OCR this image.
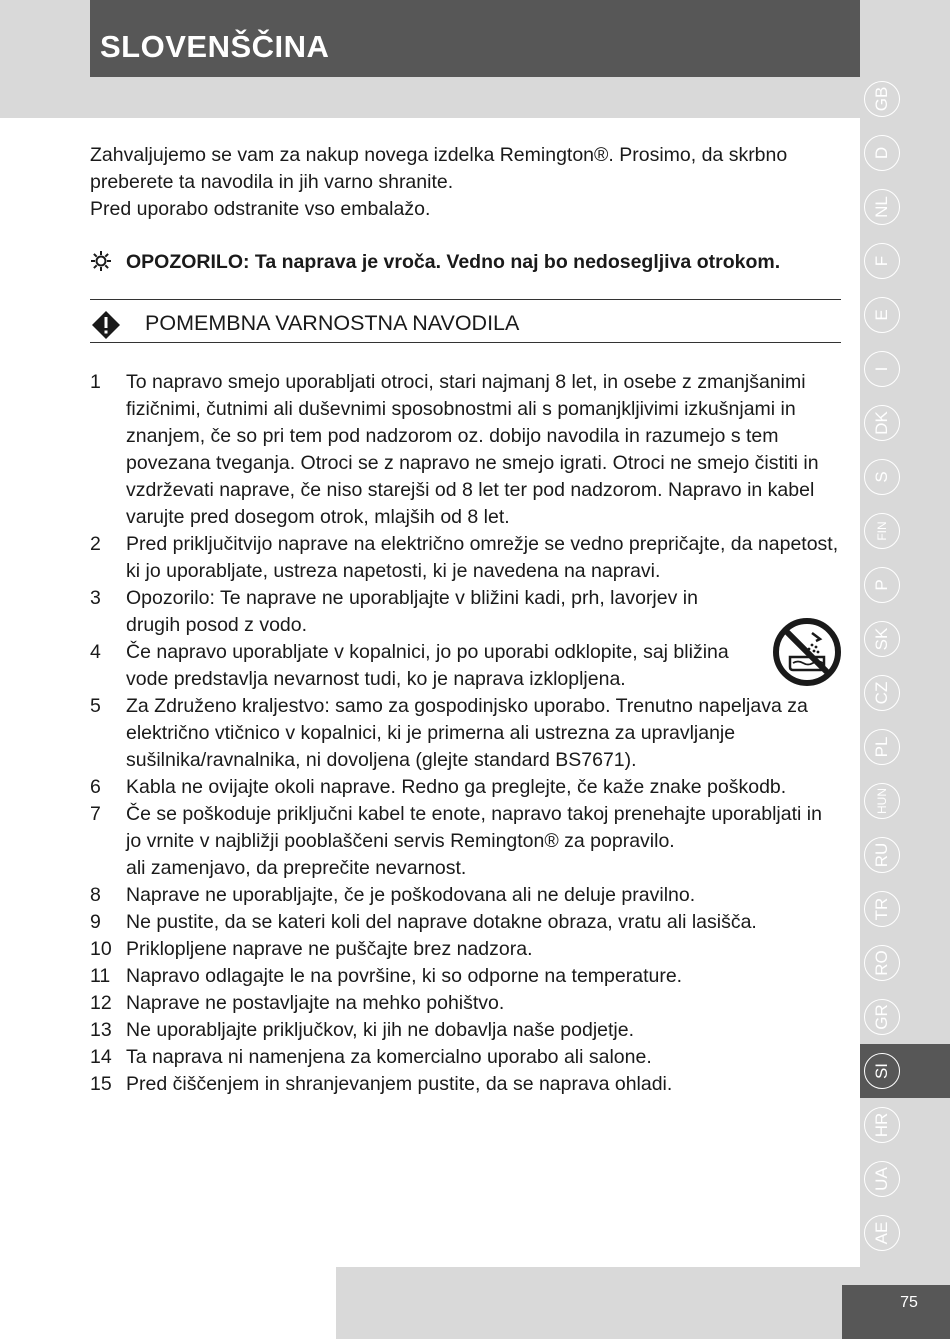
SLOVENŠČINA
GB
D
NL
F
E
I
DK
S
FIN
P
SK
CZ
PL
HUN
RU
TR
RO
GR
SI
HR
UA
AE
75

Zahvaljujemo se vam za nakup novega izdelka Remington®. Prosimo, da skrbno preberete ta navodila in jih varno shranite.

Pred uporabo odstranite vso embalažo.

OPOZORILO: Ta naprava je vroča. Vedno naj bo nedosegljiva otrokom.

POMEMBNA VARNOSTNA NAVODILA
1	To napravo smejo uporabljati otroci, stari najmanj 8 let, in osebe z zmanjšanimi fizičnimi, čutnimi ali duševnimi sposobnostmi ali s pomanjkljivimi izkušnjami in znanjem, če so pri tem pod nadzorom oz. dobijo navodila in razumejo s tem povezana tveganja. Otroci se z napravo ne smejo igrati. Otroci ne smejo čistiti in vzdrževati naprave, če niso starejši od 8 let ter pod nadzorom. Napravo in kabel varujte pred dosegom otrok, mlajših od 8 let.
2	Pred priključitvijo naprave na električno omrežje se vedno prepričajte, da napetost, ki jo uporabljate, ustreza napetosti, ki je navedena na napravi.
3	Opozorilo: Te naprave ne uporabljajte v bližini kadi, prh, lavorjev in drugih posod z vodo.
4	Če napravo uporabljate v kopalnici, jo po uporabi odklopite, saj bližina vode predstavlja nevarnost tudi, ko je naprava izklopljena.
5	Za Združeno kraljestvo: samo za gospodinjsko uporabo. Trenutno napeljava za električno vtičnico v kopalnici, ki je primerna ali ustrezna za upravljanje sušilnika/ravnalnika, ni dovoljena (glejte standard BS7671).
6	Kabla ne ovijajte okoli naprave. Redno ga preglejte, če kaže znake poškodb.
7	Če se poškoduje priključni kabel te enote, napravo takoj prenehajte uporabljati in jo vrnite v najbližji pooblaščeni servis Remington® za popravilo.
ali zamenjavo, da preprečite nevarnost.
8	Naprave ne uporabljajte, če je poškodovana ali ne deluje pravilno.
9	Ne pustite, da se kateri koli del naprave dotakne obraza, vratu ali lasišča.
10 Priklopljene naprave ne puščajte brez nadzora.
11 Napravo odlagajte le na površine, ki so odporne na temperature.
12 Naprave ne postavljajte na mehko pohištvo.
13 Ne uporabljajte priključkov, ki jih ne dobavlja naše podjetje.
14 Ta naprava ni namenjena za komercialno uporabo ali salone.
15 Pred čiščenjem in shranjevanjem pustite, da se naprava ohladi.
